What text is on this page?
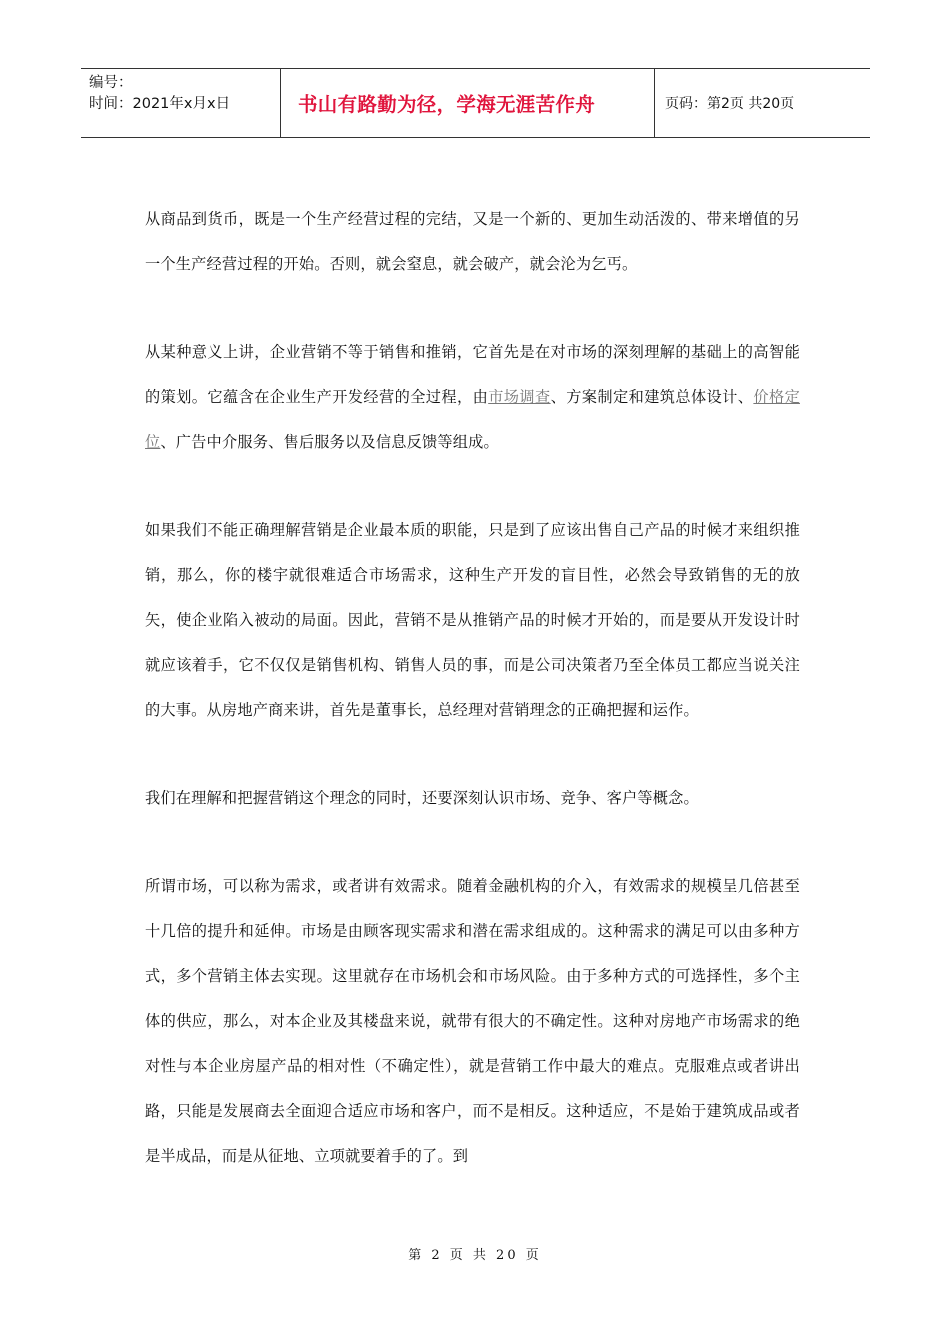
编号：
时间：2021年x月x日	书山有路勤为径，学海无涯苦作舟	页码：第2页 共20页

从商品到货币，既是一个生产经营过程的完结，又是一个新的、更加生动活泼的、带来增值的另一个生产经营过程的开始。否则，就会窒息，就会破产，就会沦为乞丐。

从某种意义上讲，企业营销不等于销售和推销，它首先是在对市场的深刻理解的基础上的高智能的策划。它蕴含在企业生产开发经营的全过程，由市场调查、方案制定和建筑总体设计、价格定位、广告中介服务、售后服务以及信息反馈等组成。

如果我们不能正确理解营销是企业最本质的职能，只是到了应该出售自己产品的时候才来组织推销，那么，你的楼宇就很难适合市场需求，这种生产开发的盲目性，必然会导致销售的无的放矢，使企业陷入被动的局面。因此，营销不是从推销产品的时候才开始的，而是要从开发设计时就应该着手，它不仅仅是销售机构、销售人员的事，而是公司决策者乃至全体员工都应当说关注的大事。从房地产商来讲，首先是董事长，总经理对营销理念的正确把握和运作。

我们在理解和把握营销这个理念的同时，还要深刻认识市场、竞争、客户等概念。

所谓市场，可以称为需求，或者讲有效需求。随着金融机构的介入，有效需求的规模呈几倍甚至十几倍的提升和延伸。市场是由顾客现实需求和潜在需求组成的。这种需求的满足可以由多种方式，多个营销主体去实现。这里就存在市场机会和市场风险。由于多种方式的可选择性，多个主体的供应，那么，对本企业及其楼盘来说，就带有很大的不确定性。这种对房地产市场需求的绝对性与本企业房屋产品的相对性（不确定性），就是营销工作中最大的难点。克服难点或者讲出路，只能是发展商去全面迎合适应市场和客户，而不是相反。这种适应，不是始于建筑成品或者是半成品，而是从征地、立项就要着手的了。到

第 2 页 共 20 页
